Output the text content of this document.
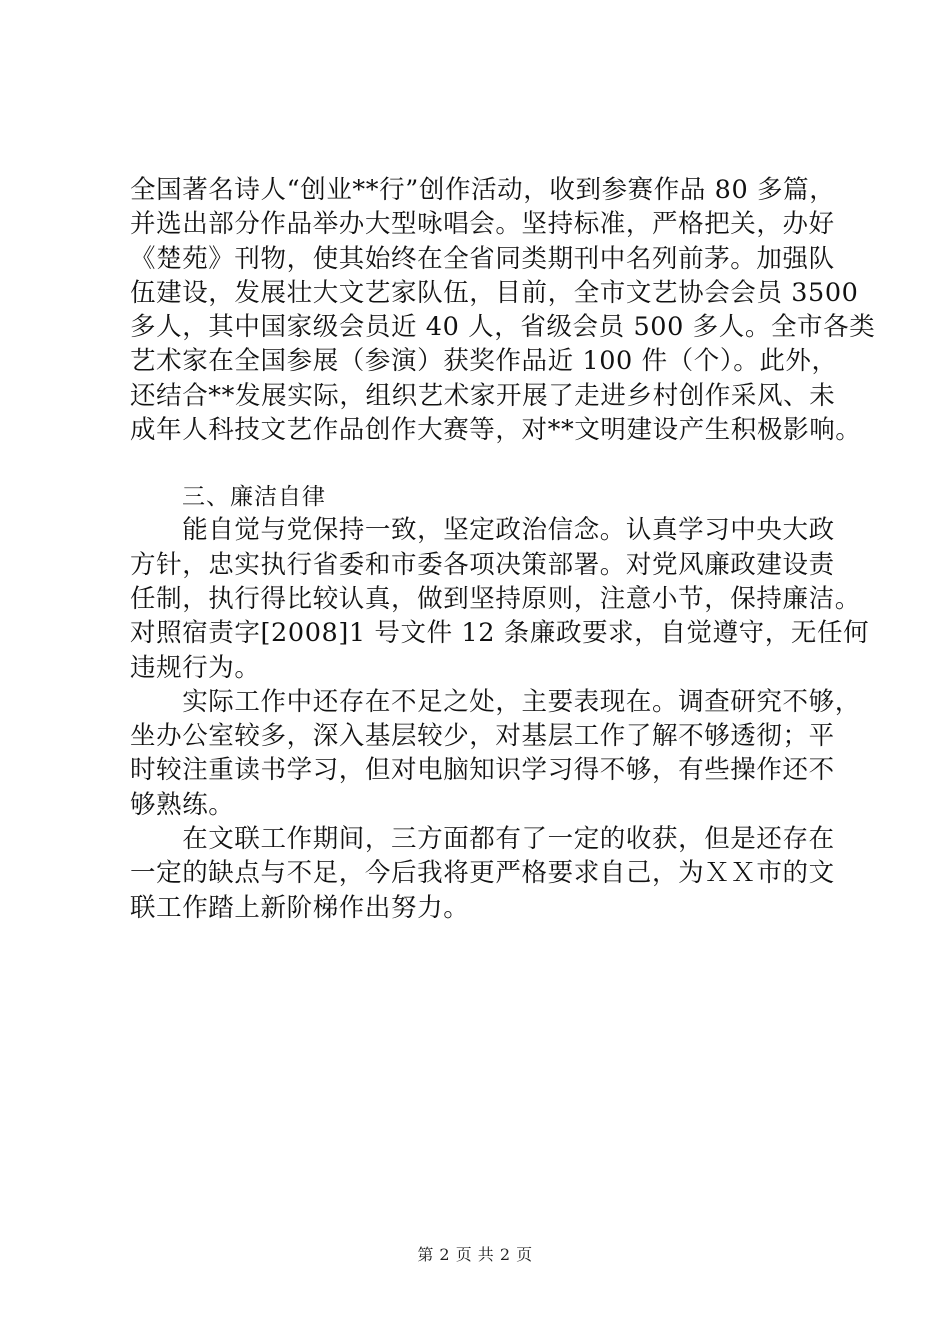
全国著名诗人“创业**行”创作活动，收到参赛作品 80 多篇，
并选出部分作品举办大型咏唱会。坚持标准，严格把关，办好
《楚苑》刊物，使其始终在全省同类期刊中名列前茅。加强队
伍建设，发展壮大文艺家队伍，目前，全市文艺协会会员 3500
多人，其中国家级会员近 40 人，省级会员 500 多人。全市各类
艺术家在全国参展（参演）获奖作品近 100 件（个）。此外，
还结合**发展实际，组织艺术家开展了走进乡村创作采风、未
成年人科技文艺作品创作大赛等，对**文明建设产生积极影响。
三、廉洁自律
　　能自觉与党保持一致，坚定政治信念。认真学习中央大政
方针，忠实执行省委和市委各项决策部署。对党风廉政建设责
任制，执行得比较认真，做到坚持原则，注意小节，保持廉洁。
对照宿责字[2008]1 号文件 12 条廉政要求，自觉遵守，无任何
违规行为。
　　实际工作中还存在不足之处，主要表现在。调查研究不够，
坐办公室较多，深入基层较少，对基层工作了解不够透彻；平
时较注重读书学习，但对电脑知识学习得不够，有些操作还不
够熟练。
　　在文联工作期间，三方面都有了一定的收获，但是还存在
一定的缺点与不足，今后我将更严格要求自己，为ＸＸ市的文
联工作踏上新阶梯作出努力。
第 2 页 共 2 页
